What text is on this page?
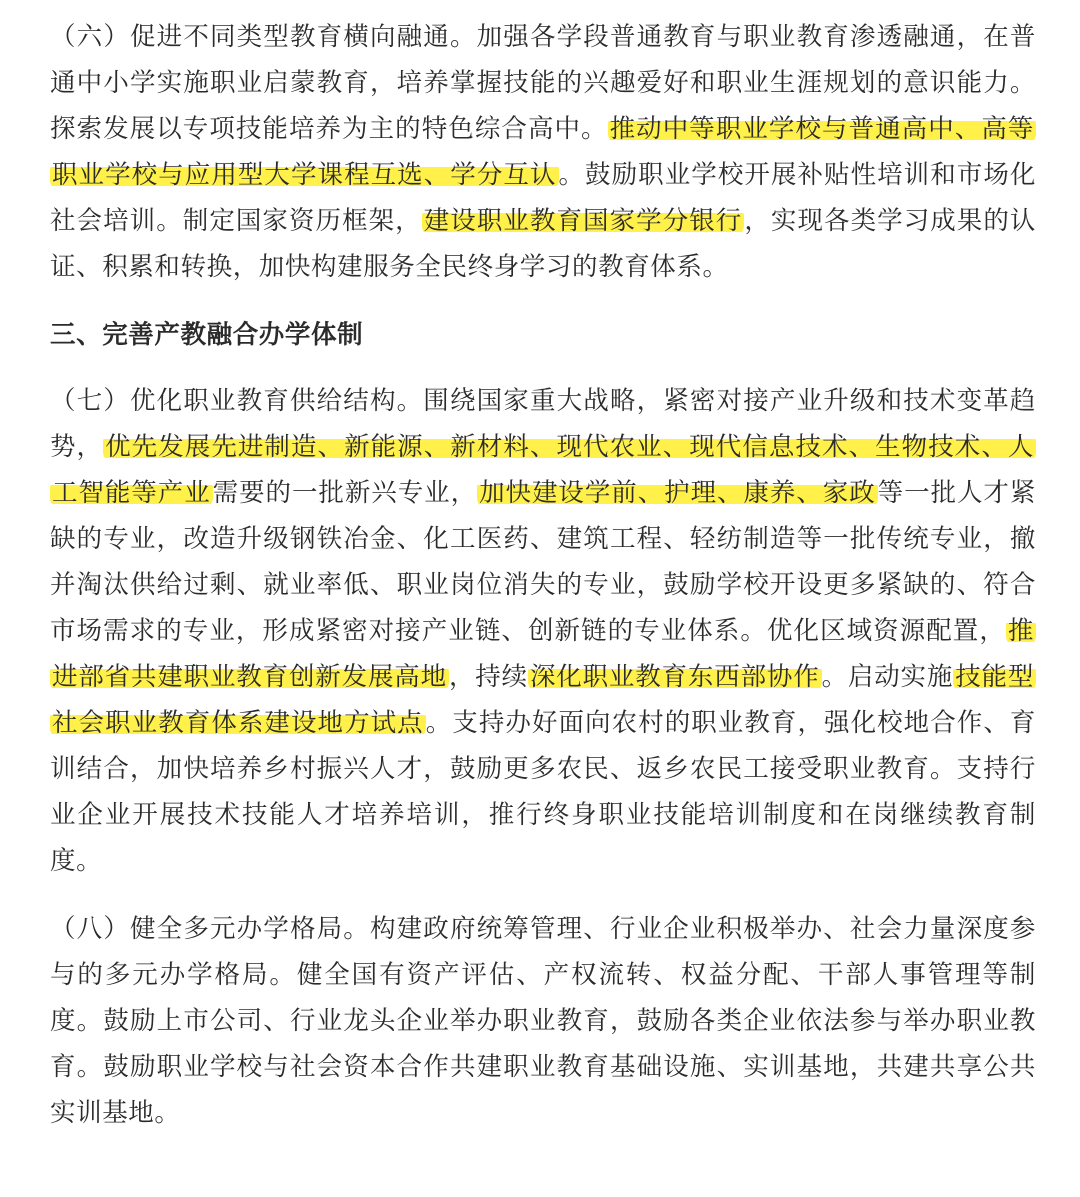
（六）促进不同类型教育横向融通。加强各学段普通教育与职业教育渗透融通，在普通中小学实施职业启蒙教育，培养掌握技能的兴趣爱好和职业生涯规划的意识能力。探索发展以专项技能培养为主的特色综合高中。推动中等职业学校与普通高中、高等职业学校与应用型大学课程互选、学分互认。鼓励职业学校开展补贴性培训和市场化社会培训。制定国家资历框架，建设职业教育国家学分银行，实现各类学习成果的认证、积累和转换，加快构建服务全民终身学习的教育体系。

三、完善产教融合办学体制

（七）优化职业教育供给结构。围绕国家重大战略，紧密对接产业升级和技术变革趋势，优先发展先进制造、新能源、新材料、现代农业、现代信息技术、生物技术、人工智能等产业需要的一批新兴专业，加快建设学前、护理、康养、家政等一批人才紧缺的专业，改造升级钢铁冶金、化工医药、建筑工程、轻纺制造等一批传统专业，撤并淘汰供给过剩、就业率低、职业岗位消失的专业，鼓励学校开设更多紧缺的、符合市场需求的专业，形成紧密对接产业链、创新链的专业体系。优化区域资源配置，推进部省共建职业教育创新发展高地，持续深化职业教育东西部协作。启动实施技能型社会职业教育体系建设地方试点。支持办好面向农村的职业教育，强化校地合作、育训结合，加快培养乡村振兴人才，鼓励更多农民、返乡农民工接受职业教育。支持行业企业开展技术技能人才培养培训，推行终身职业技能培训制度和在岗继续教育制度。

（八）健全多元办学格局。构建政府统筹管理、行业企业积极举办、社会力量深度参与的多元办学格局。健全国有资产评估、产权流转、权益分配、干部人事管理等制度。鼓励上市公司、行业龙头企业举办职业教育，鼓励各类企业依法参与举办职业教育。鼓励职业学校与社会资本合作共建职业教育基础设施、实训基地，共建共享公共实训基地。
